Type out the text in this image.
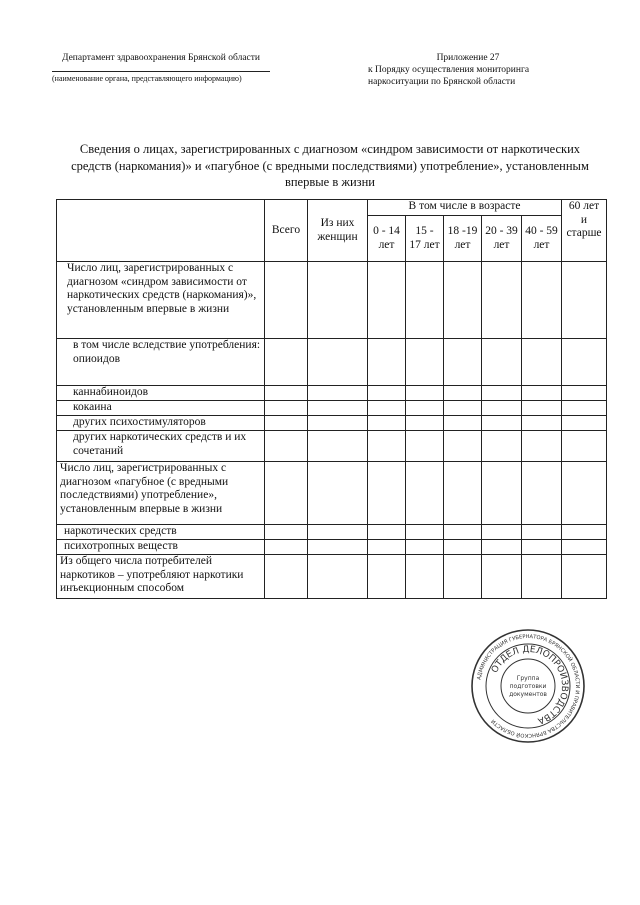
Департамент здравоохранения Брянской области
(наименование органа, представляющего информацию)
Приложение 27
к Порядку осуществления мониторинга наркоситуации по Брянской области
Сведения о лицах, зарегистрированных с диагнозом «синдром зависимости от наркотических средств (наркомания)» и «пагубное (с вредными последствиями) употребление», установленным впервые в жизни
	Всего	Из них женщин	В том числе в возрасте					60 лет и старше
			0 - 14 лет	15 - 17 лет	18 -19 лет	20 - 39 лет	40 - 59 лет	
Число лиц, зарегистрированных с диагнозом «синдром зависимости от наркотических средств (наркомания)», установленным впервые в жизни								
в том числе вследствие употребления: опиоидов								
каннабиноидов								
кокаина								
других психостимуляторов								
других наркотических средств и их сочетаний								
Число лиц, зарегистрированных с диагнозом «пагубное (с вредными последствиями) употребление», установленным впервые в жизни								
наркотических средств								
психотропных веществ								
Из общего числа потребителей наркотиков – употребляют наркотики инъекционным способом								
АДМИНИСТРАЦИЯ ГУБЕРНАТОРА БРЯНСКОЙ ОБЛАСТИ И ПРАВИТЕЛЬСТВА БРЯНСКОЙ ОБЛАСТИ
ОТДЕЛ ДЕЛОПРОИЗВОДСТВА
Группа
подготовки
документов
